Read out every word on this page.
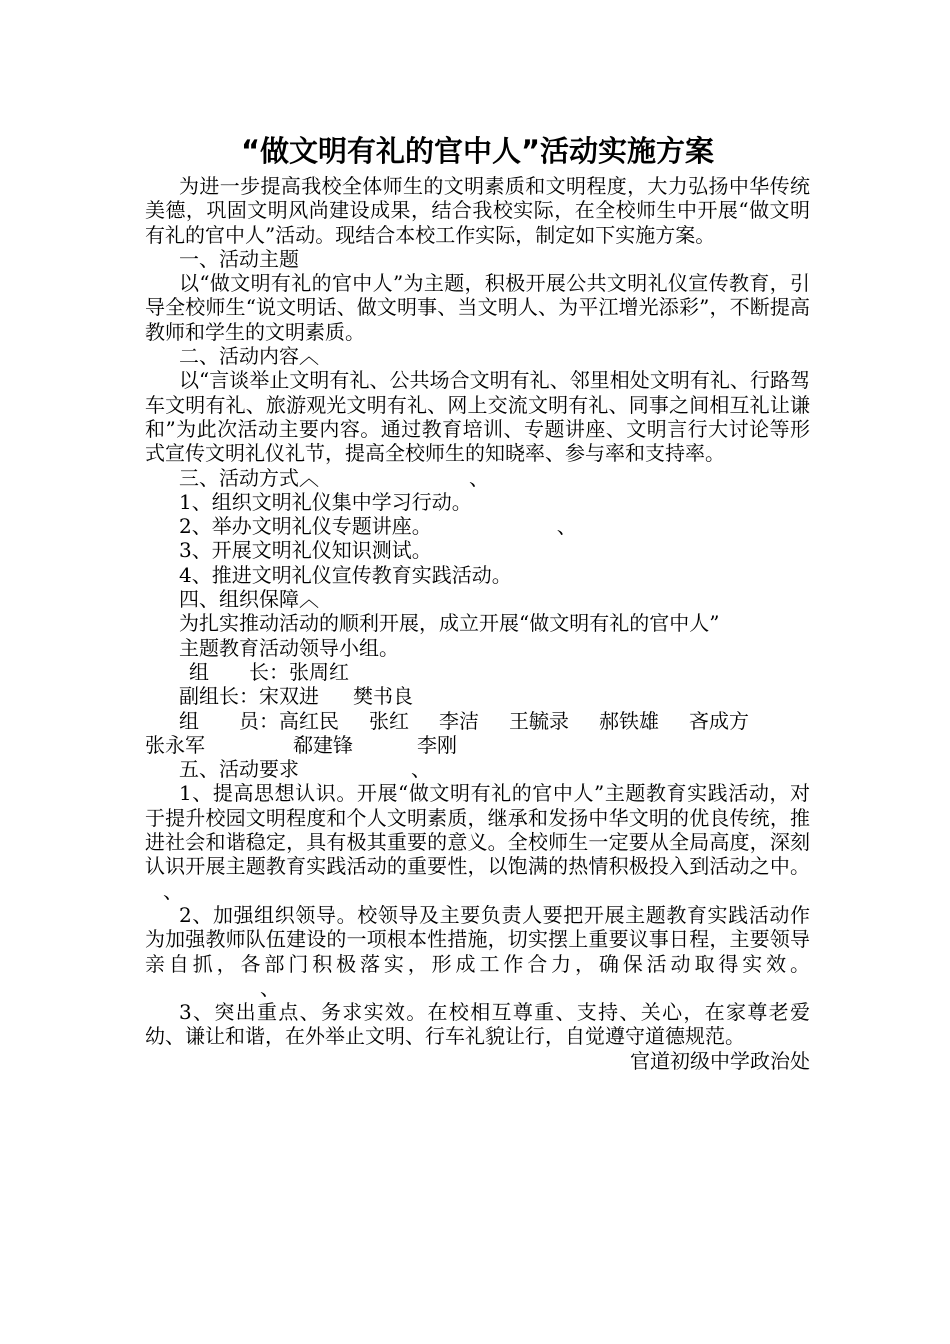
“做文明有礼的官中人”活动实施方案

为进一步提高我校全体师生的文明素质和文明程度，大力弘扬中华传统美德，巩固文明风尚建设成果，结合我校实际，在全校师生中开展“做文明有礼的官中人”活动。现结合本校工作实际，制定如下实施方案。

一、活动主题

以“做文明有礼的官中人”为主题，积极开展公共文明礼仪宣传教育，引导全校师生“说文明话、做文明事、当文明人、为平江增光添彩”，不断提高教师和学生的文明素质。

二、活动内容︿

以“言谈举止文明有礼、公共场合文明有礼、邻里相处文明有礼、行路驾车文明有礼、旅游观光文明有礼、网上交流文明有礼、同事之间相互礼让谦和”为此次活动主要内容。通过教育培训、专题讲座、文明言行大讨论等形式宣传文明礼仪礼节，提高全校师生的知晓率、参与率和支持率。

三、活动方式︿	、

1、组织文明礼仪集中学习行动。

2、举办文明礼仪专题讲座。	、

3、开展文明礼仪知识测试。

4、推进文明礼仪宣传教育实践活动。

四、组织保障︿

为扎实推动活动的顺利开展，成立开展“做文明有礼的官中人”

主题教育活动领导小组。

组　　长：张周红

副组长：宋双进 樊书良

组　　员：高红民 张红 李洁 王毓录 郝铁雄 吝成方

张永军	郗建锋	李刚

五、活动要求	、

1、提高思想认识。开展“做文明有礼的官中人”主题教育实践活动，对于提升校园文明程度和个人文明素质，继承和发扬中华文明的优良传统，推进社会和谐稳定，具有极其重要的意义。全校师生一定要从全局高度，深刻认识开展主题教育实践活动的重要性，以饱满的热情积极投入到活动之中。、

2、加强组织领导。校领导及主要负责人要把开展主题教育实践活动作为加强教师队伍建设的一项根本性措施，切实摆上重要议事日程，主要领导亲自抓，各部门积极落实，形成工作合力，确保活动取得实效。、

3、突出重点、务求实效。在校相互尊重、支持、关心，在家尊老爱幼、谦让和谐，在外举止文明、行车礼貌让行，自觉遵守道德规范。

官道初级中学政治处
